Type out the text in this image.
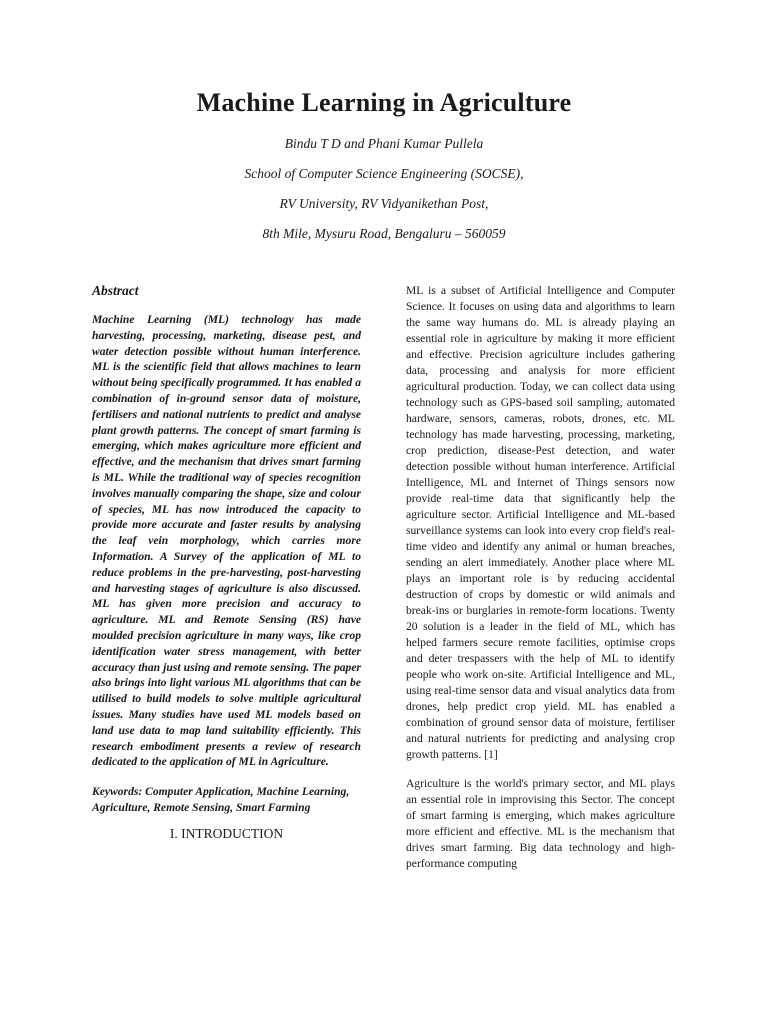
Machine Learning in Agriculture
Bindu T D and Phani Kumar Pullela
School of Computer Science Engineering (SOCSE),
RV University, RV Vidyanikethan Post,
8th Mile, Mysuru Road, Bengaluru – 560059
Abstract

Machine Learning (ML) technology has made harvesting, processing, marketing, disease pest, and water detection possible without human interference. ML is the scientific field that allows machines to learn without being specifically programmed. It has enabled a combination of in-ground sensor data of moisture, fertilisers and national nutrients to predict and analyse plant growth patterns. The concept of smart farming is emerging, which makes agriculture more efficient and effective, and the mechanism that drives smart farming is ML. While the traditional way of species recognition involves manually comparing the shape, size and colour of species, ML has now introduced the capacity to provide more accurate and faster results by analysing the leaf vein morphology, which carries more Information. A Survey of the application of ML to reduce problems in the pre-harvesting, post-harvesting and harvesting stages of agriculture is also discussed. ML has given more precision and accuracy to agriculture. ML and Remote Sensing (RS) have moulded precision agriculture in many ways, like crop identification water stress management, with better accuracy than just using and remote sensing. The paper also brings into light various ML algorithms that can be utilised to build models to solve multiple agricultural issues. Many studies have used ML models based on land use data to map land suitability efficiently. This research embodiment presents a review of research dedicated to the application of ML in Agriculture.

Keywords: Computer Application, Machine Learning, Agriculture, Remote Sensing, Smart Farming

I. INTRODUCTION

ML is a subset of Artificial Intelligence and Computer Science. It focuses on using data and algorithms to learn the same way humans do. ML is already playing an essential role in agriculture by making it more efficient and effective. Precision agriculture includes gathering data, processing and analysis for more efficient agricultural production. Today, we can collect data using technology such as GPS-based soil sampling, automated hardware, sensors, cameras, robots, drones, etc. ML technology has made harvesting, processing, marketing, crop prediction, disease-Pest detection, and water detection possible without human interference. Artificial Intelligence, ML and Internet of Things sensors now provide real-time data that significantly help the agriculture sector. Artificial Intelligence and ML-based surveillance systems can look into every crop field's real-time video and identify any animal or human breaches, sending an alert immediately. Another place where ML plays an important role is by reducing accidental destruction of crops by domestic or wild animals and break-ins or burglaries in remote-form locations. Twenty 20 solution is a leader in the field of ML, which has helped farmers secure remote facilities, optimise crops and deter trespassers with the help of ML to identify people who work on-site. Artificial Intelligence and ML, using real-time sensor data and visual analytics data from drones, help predict crop yield. ML has enabled a combination of ground sensor data of moisture, fertiliser and natural nutrients for predicting and analysing crop growth patterns. [1]

Agriculture is the world's primary sector, and ML plays an essential role in improvising this Sector. The concept of smart farming is emerging, which makes agriculture more efficient and effective. ML is the mechanism that drives smart farming. Big data technology and high-performance computing
